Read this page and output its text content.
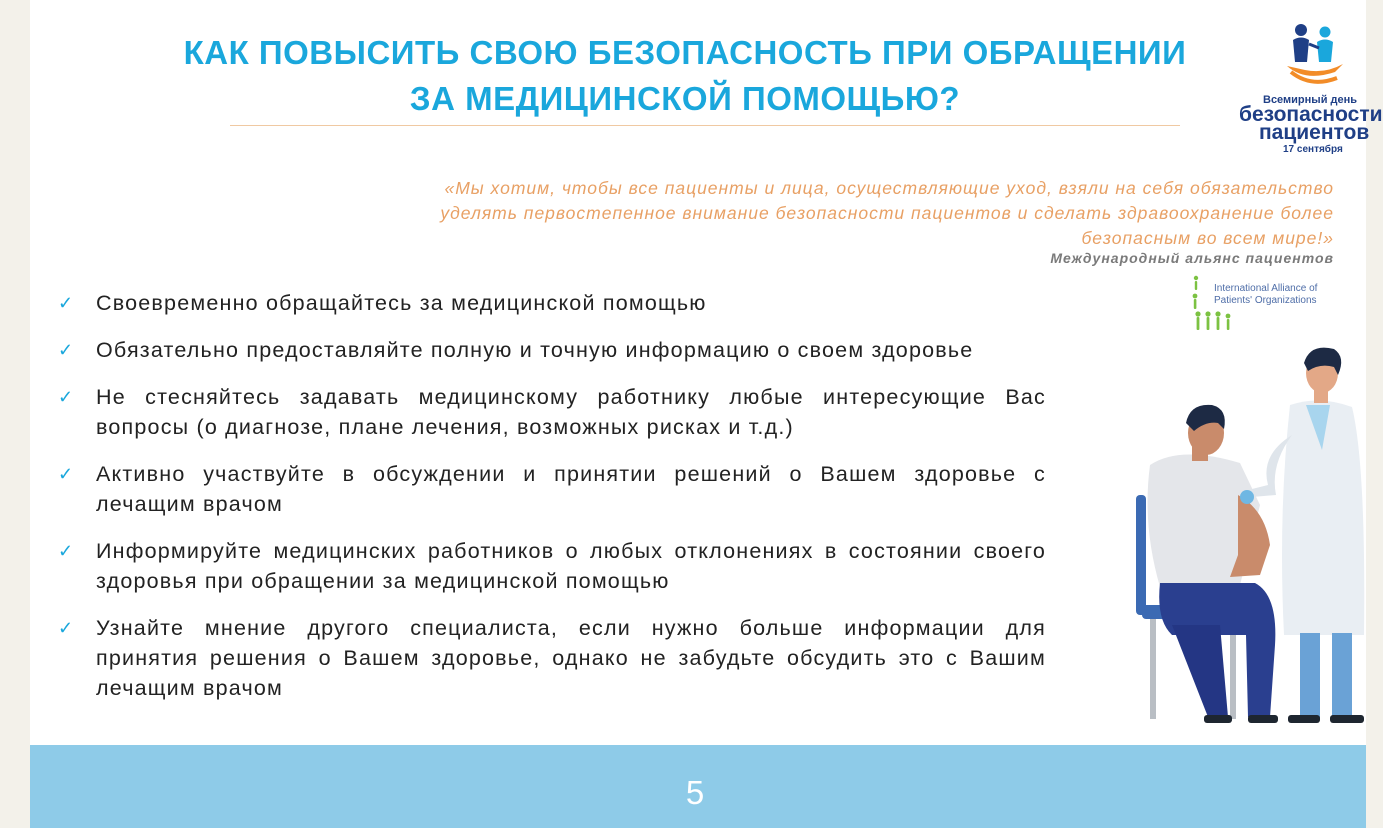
КАК ПОВЫСИТЬ СВОЮ БЕЗОПАСНОСТЬ ПРИ ОБРАЩЕНИИ
ЗА МЕДИЦИНСКОЙ ПОМОЩЬЮ?	Всемирный день
безопасности
пациентов
17 сентября
«Мы хотим, чтобы все пациенты и лица, осуществляющие уход, взяли на себя обязательство
уделять первостепенное внимание безопасности пациентов и сделать здравоохранение более
безопасным во всем мире!»
Международный альянс пациентов
International Alliance of
Patients' Organizations
✓ Своевременно обращайтесь за медицинской помощью
✓ Обязательно предоставляйте полную и точную информацию о своем здоровье
✓ Не стесняйтесь задавать медицинскому работнику любые интересующие Вас вопросы (о диагнозе, плане лечения, возможных рисках и т.д.)
✓ Активно участвуйте в обсуждении и принятии решений о Вашем здоровье с лечащим врачом
✓ Информируйте медицинских работников о любых отклонениях в состоянии своего здоровья при обращении за медицинской помощью
✓ Узнайте мнение другого специалиста, если нужно больше информации для принятия решения о Вашем здоровье, однако не забудьте обсудить это с Вашим лечащим врачом
5
